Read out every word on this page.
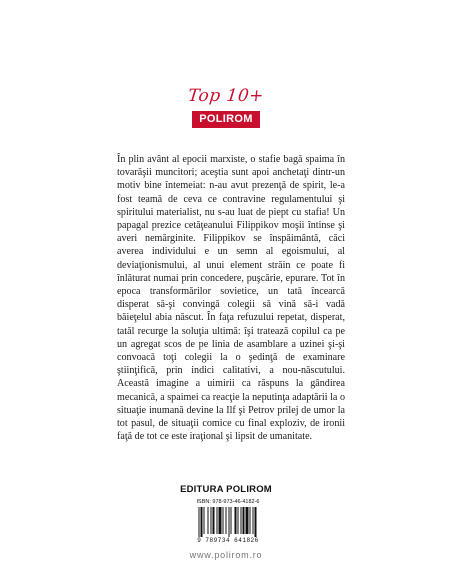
Top 10+
POLIROM

În plin avânt al epocii marxiste, o stafie bagă spaima în tovarăşii muncitori; aceştia sunt apoi anchetaţi dintr-un motiv bine întemeiat: n-au avut prezenţă de spirit, le-a fost teamă de ceva ce contravine regulamentului şi spiritului materialist, nu s-au luat de piept cu stafia! Un papagal prezice cetăţeanului Filippikov moşii întinse şi averi nemărginite. Filippikov se înspăimântă, căci averea individului e un semn al egoismului, al deviaţionismului, al unui element străin ce poate fi înlăturat numai prin concedere, puşcărie, epurare. Tot în epoca transformărilor sovietice, un tată încearcă disperat să-şi convingă colegii să vină să-i vadă băieţelul abia născut. În faţa refuzului repetat, disperat, tatăl recurge la soluţia ultimă: îşi tratează copilul ca pe un agregat scos de pe linia de asamblare a uzinei şi-şi convoacă toţi colegii la o şedinţă de examinare ştiinţifică, prin indici calitativi, a nou-născutului. Această imagine a uimirii ca răspuns la gândirea mecanică, a spaimei ca reacţie la neputinţa adaptării la o situaţie inumană devine la Ilf şi Petrov prilej de umor la tot pasul, de situaţii comice cu final exploziv, de ironii faţă de tot ce este iraţional şi lipsit de umanitate.

EDITURA POLIROM
ISBN: 978-973-46-4182-6
9 789734 641826
www.polirom.ro
